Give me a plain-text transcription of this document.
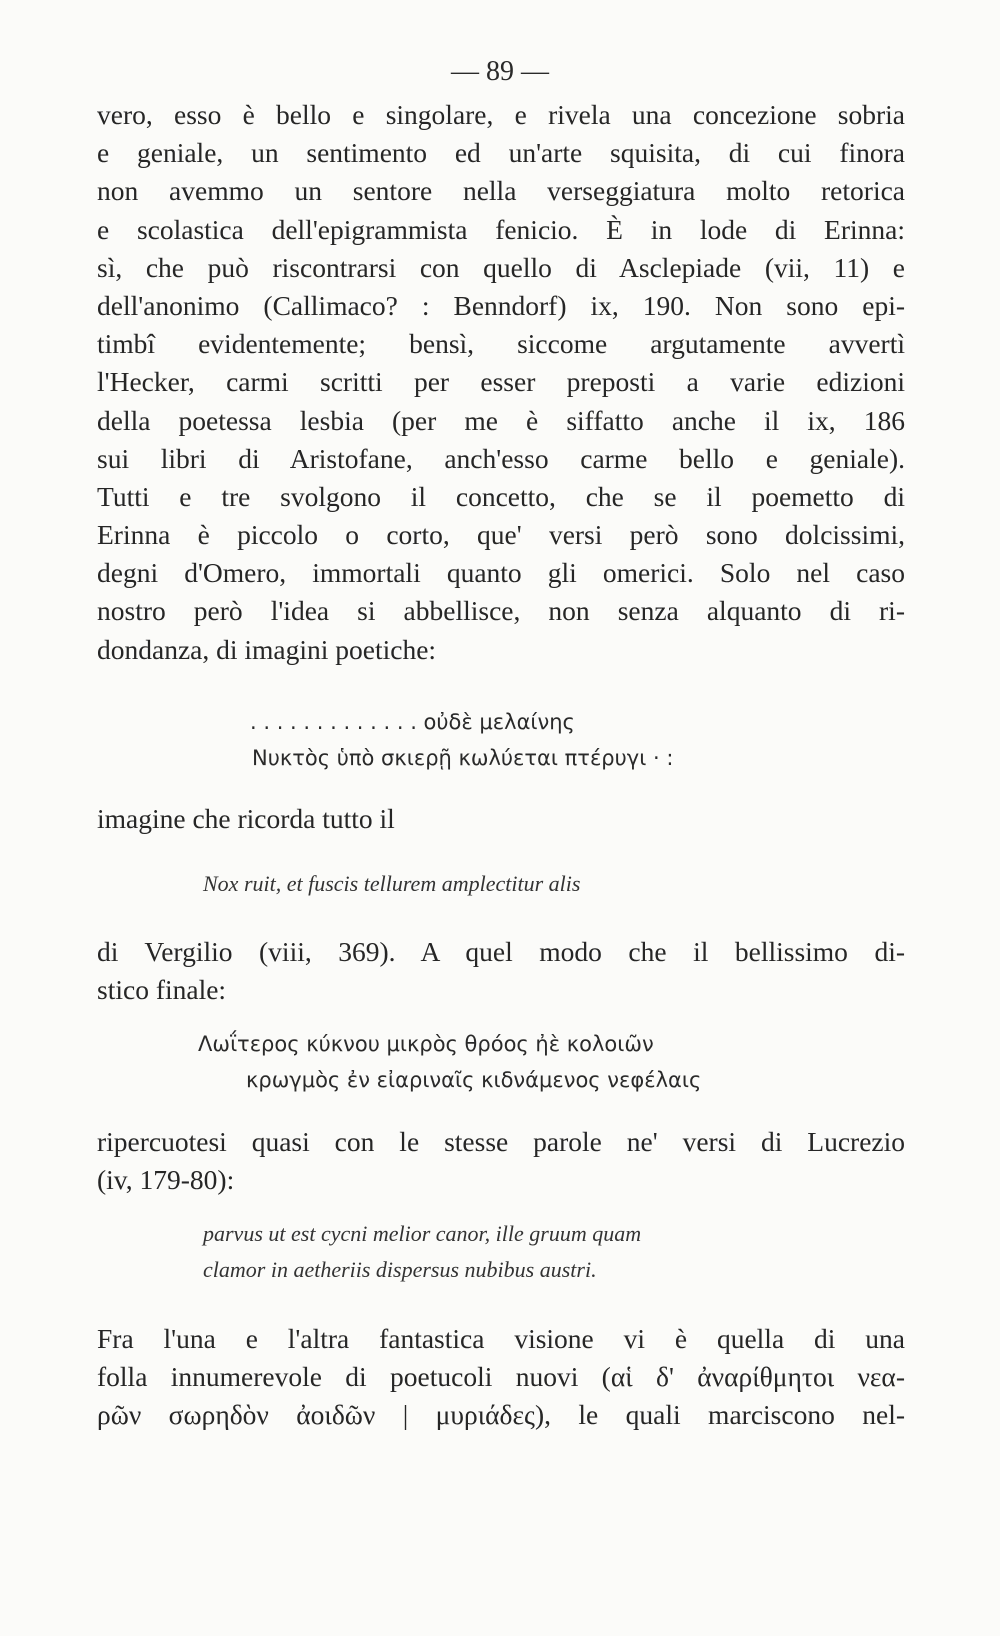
— 89 —
vero, esso è bello e singolare, e rivela una concezione sobria
e geniale, un sentimento ed un'arte squisita, di cui finora
non avemmo un sentore nella verseggiatura molto retorica
e scolastica dell'epigrammista fenicio. È in lode di Erinna:
sì, che può riscontrarsi con quello di Asclepiade (vii, 11) e
dell'anonimo (Callimaco? : Benndorf) ix, 190. Non sono epi-
timbî evidentemente; bensì, siccome argutamente avvertì
l'Hecker, carmi scritti per esser preposti a varie edizioni
della poetessa lesbia (per me è siffatto anche il ix, 186
sui libri di Aristofane, anch'esso carme bello e geniale).
Tutti e tre svolgono il concetto, che se il poemetto di
Erinna è piccolo o corto, que' versi però sono dolcissimi,
degni d'Omero, immortali quanto gli omerici. Solo nel caso
nostro però l'idea si abbellisce, non senza alquanto di ri-
dondanza, di imagini poetiche:
. . . . . . . . . . . . . οὐδὲ μελαίνης
Νυκτὸς ὑπὸ σκιερῇ κωλύεται πτέρυγι · :
imagine che ricorda tutto il
Nox ruit, et fuscis tellurem amplectitur alis
di Vergilio (viii, 369). A quel modo che il bellissimo di-
stico finale:
Λωΐτερος κύκνου μικρὸς θρόος ἠὲ κολοιῶν
κρωγμὸς ἐν εἰαριναῖς κιδνάμενος νεφέλαις
ripercuotesi quasi con le stesse parole ne' versi di Lucrezio
(iv, 179-80):
parvus ut est cycni melior canor, ille gruum quam
clamor in aetheriis dispersus nubibus austri.
Fra l'una e l'altra fantastica visione vi è quella di una
folla innumerevole di poetucoli nuovi (αἱ δ' ἀναρίθμητοι νεα-
ρῶν σωρηδὸν ἀοιδῶν | μυριάδες), le quali marciscono nel-
